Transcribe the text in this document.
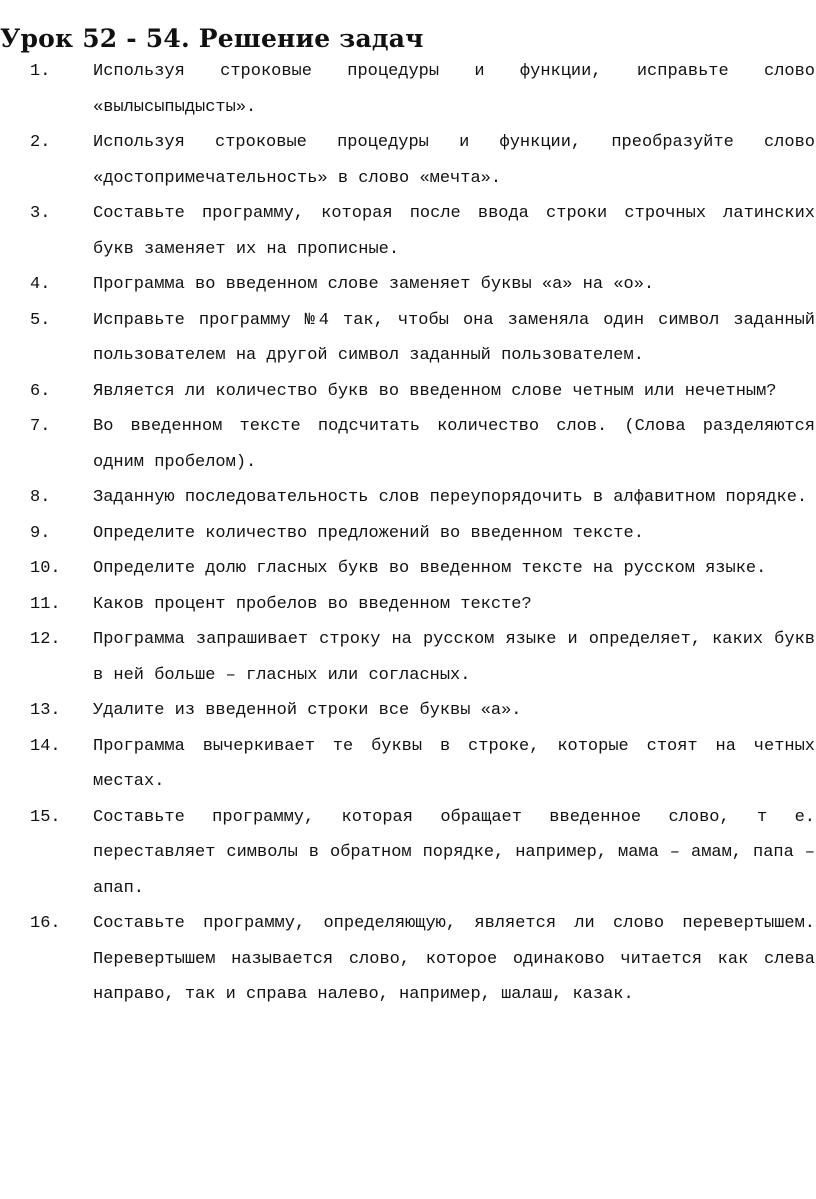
Урок 52 - 54. Решение задач
1.	Используя строковые процедуры и функции, исправьте слово «вылысыпыдысты».
2.	Используя строковые процедуры и функции, преобразуйте слово «достопримечательность» в слово «мечта».
3.	Составьте программу, которая после ввода строки строчных латинских букв заменяет их на прописные.
4.	Программа во введенном слове заменяет буквы «а» на «о».
5.	Исправьте программу №4 так, чтобы она заменяла один символ заданный пользователем на другой символ заданный пользователем.
6.	Является ли количество букв во введенном слове четным или нечетным?
7.	Во введенном тексте подсчитать количество слов. (Слова разделяются одним пробелом).
8.	Заданную последовательность слов переупорядочить в алфавитном порядке.
9.	Определите количество предложений во введенном тексте.
10. Определите долю гласных букв во введенном тексте на русском языке.
11. Каков процент пробелов во введенном тексте?
12. Программа запрашивает строку на русском языке и определяет, каких букв в ней больше – гласных или согласных.
13. Удалите из введенной строки все буквы «а».
14. Программа вычеркивает те буквы в строке, которые стоят на четных местах.
15. Составьте программу, которая обращает введенное слово, т е. переставляет символы в обратном порядке, например, мама – амам, папа – апап.
16. Составьте программу, определяющую, является ли слово перевертышем. Перевертышем называется слово, которое одинаково читается как слева направо, так и справа налево, например, шалаш, казак.
